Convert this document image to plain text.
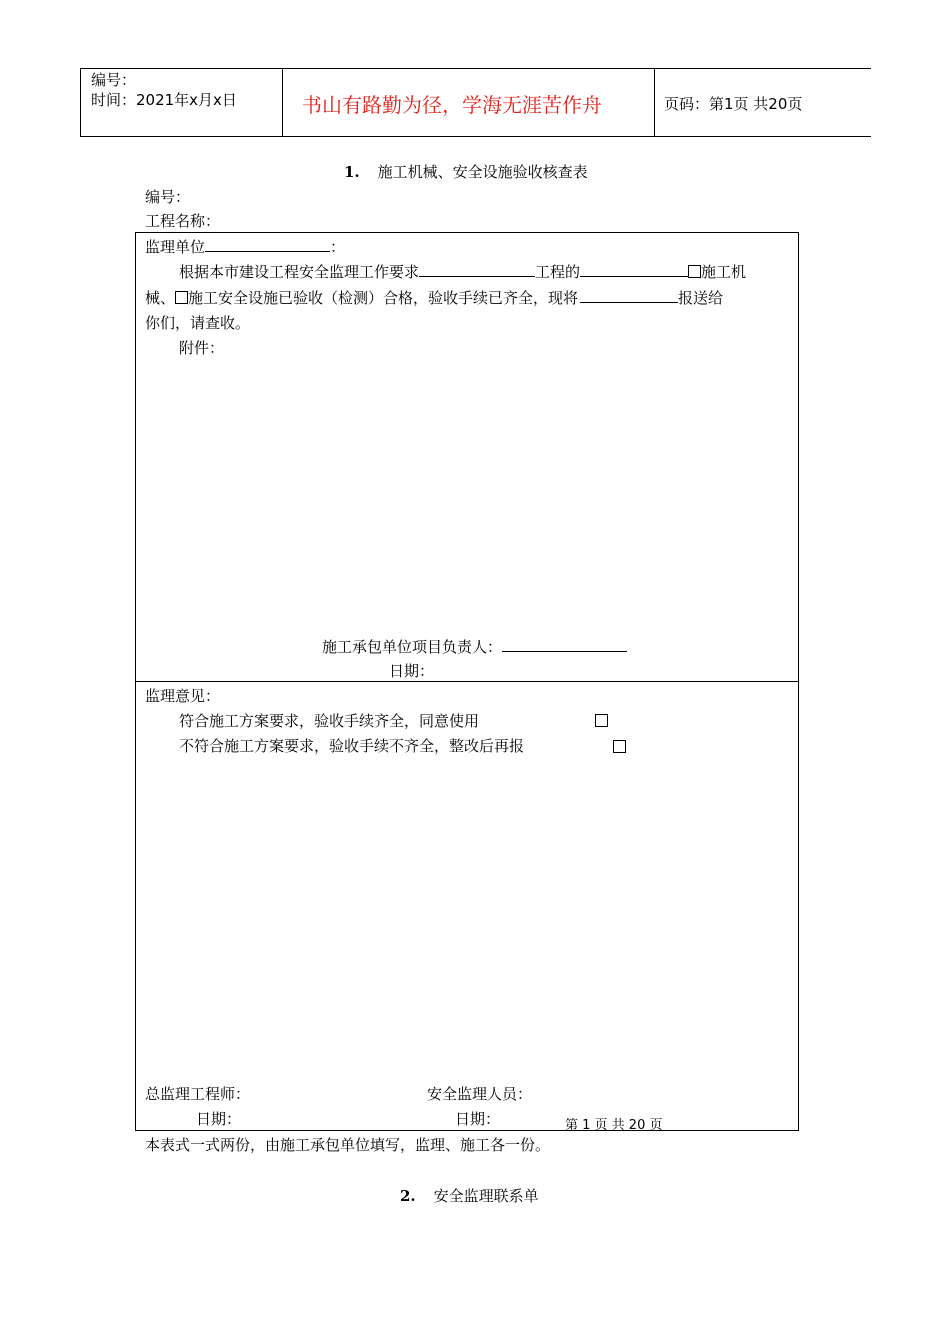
编号：
时间：2021年x月x日	书山有路勤为径，学海无涯苦作舟	页码：第1页 共20页
1. 施工机械、安全设施验收核查表
编号：
工程名称：
监理单位	：
根据本市建设工程安全监理工作要求	工程的	施工机
械、 施工安全设施已验收（检测）合格，验收手续已齐全，现将	报送给
你们，请查收。
附件：
施工承包单位项目负责人：
日期：
监理意见：
符合施工方案要求，验收手续齐全，同意使用
不符合施工方案要求，验收手续不齐全，整改后再报
总监理工程师：	安全监理人员：
日期：	日期：	第 1 页 共 20 页
本表式一式两份，由施工承包单位填写，监理、施工各一份。
2. 安全监理联系单
